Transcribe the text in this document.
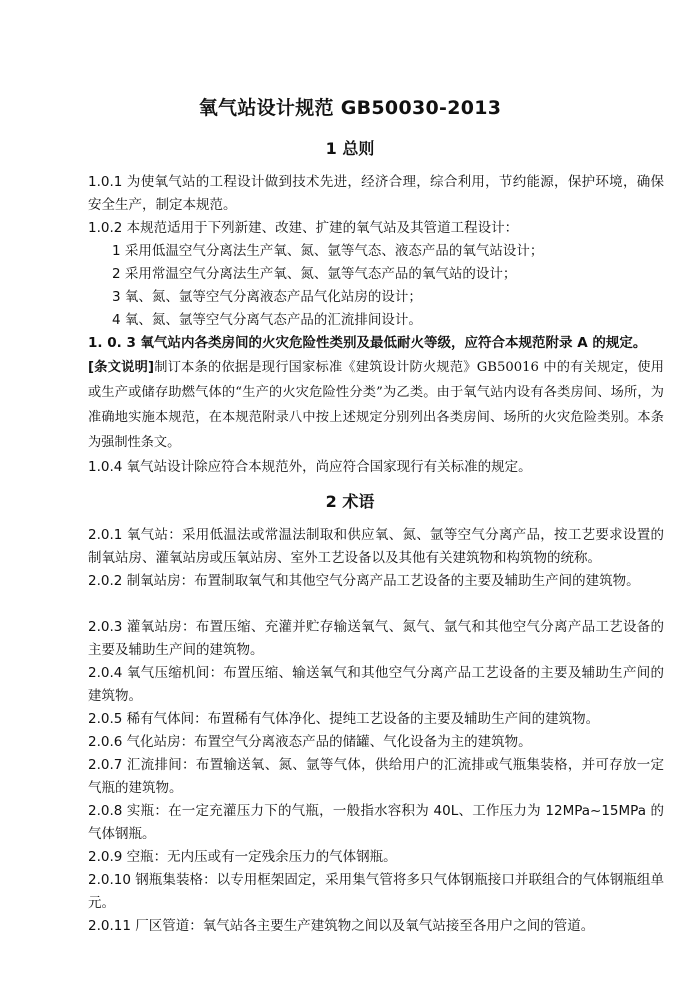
氧气站设计规范 GB50030-2013
1 总则

1.0.1 为使氧气站的工程设计做到技术先进，经济合理，综合利用，节约能源，保护环境，确保安全生产，制定本规范。

1.0.2 本规范适用于下列新建、改建、扩建的氧气站及其管道工程设计：

1 采用低温空气分离法生产氧、氮、氩等气态、液态产品的氧气站设计；

2 采用常温空气分离法生产氧、氮、氩等气态产品的氧气站的设计；

3 氧、氮、氩等空气分离液态产品气化站房的设计；

4 氧、氮、氩等空气分离气态产品的汇流排间设计。

1. 0. 3 氧气站内各类房间的火灾危险性类别及最低耐火等级，应符合本规范附录 A 的规定。

[条文说明]制订本条的依据是现行国家标准《建筑设计防火规范》GB50016 中的有关规定，使用或生产或储存助燃气体的“生产的火灾危险性分类”为乙类。由于氧气站内设有各类房间、场所，为准确地实施本规范，在本规范附录八中按上述规定分别列出各类房间、场所的火灾危险类别。本条为强制性条文。

1.0.4 氧气站设计除应符合本规范外，尚应符合国家现行有关标准的规定。

2 术语

2.0.1 氧气站：采用低温法或常温法制取和供应氧、氮、氩等空气分离产品，按工艺要求设置的制氧站房、灌氧站房或压氧站房、室外工艺设备以及其他有关建筑物和构筑物的统称。

2.0.2 制氧站房：布置制取氧气和其他空气分离产品工艺设备的主要及辅助生产间的建筑物。

2.0.3 灌氧站房：布置压缩、充灌并贮存输送氧气、氮气、氩气和其他空气分离产品工艺设备的主要及辅助生产间的建筑物。

2.0.4 氧气压缩机间：布置压缩、输送氧气和其他空气分离产品工艺设备的主要及辅助生产间的建筑物。

2.0.5 稀有气体间：布置稀有气体净化、提纯工艺设备的主要及辅助生产间的建筑物。

2.0.6 气化站房：布置空气分离液态产品的储罐、气化设备为主的建筑物。

2.0.7 汇流排间：布置输送氧、氮、氩等气体，供给用户的汇流排或气瓶集装格，并可存放一定气瓶的建筑物。

2.0.8 实瓶：在一定充灌压力下的气瓶，一般指水容积为 40L、工作压力为 12MPa~15MPa 的气体钢瓶。

2.0.9 空瓶：无内压或有一定残余压力的气体钢瓶。

2.0.10 钢瓶集装格：以专用框架固定，采用集气管将多只气体钢瓶接口并联组合的气体钢瓶组单元。

2.0.11 厂区管道：氧气站各主要生产建筑物之间以及氧气站接至各用户之间的管道。
